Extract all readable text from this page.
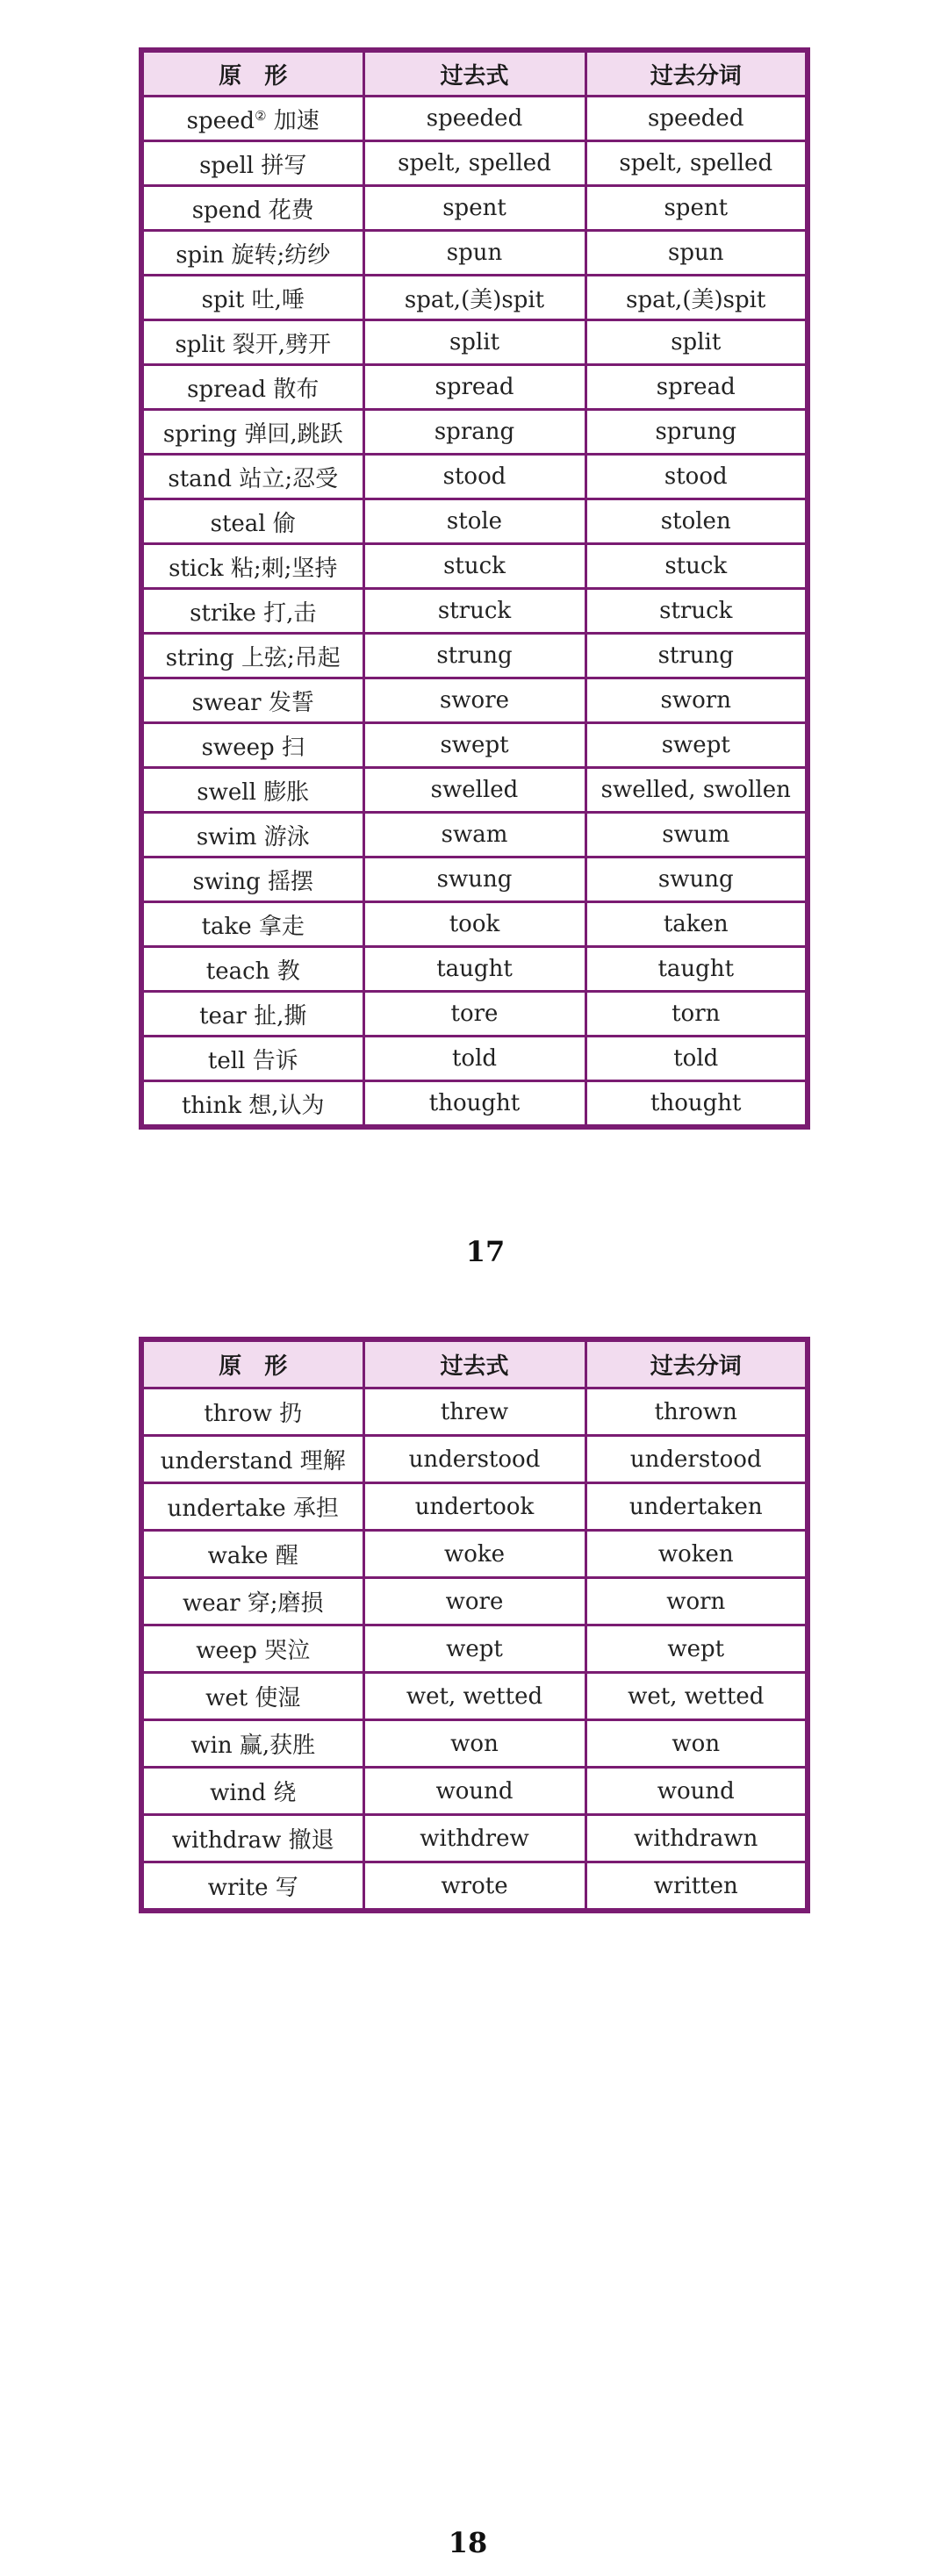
原　形	过去式	过去分词
speed② 加速	speeded	speeded
spell 拼写	spelt, spelled	spelt, spelled
spend 花费	spent	spent
spin 旋转;纺纱	spun	spun
spit 吐,唾	spat,(美)spit	spat,(美)spit
split 裂开,劈开	split	split
spread 散布	spread	spread
spring 弹回,跳跃	sprang	sprung
stand 站立;忍受	stood	stood
steal 偷	stole	stolen
stick 粘;刺;坚持	stuck	stuck
strike 打,击	struck	struck
string 上弦;吊起	strung	strung
swear 发誓	swore	sworn
sweep 扫	swept	swept
swell 膨胀	swelled	swelled, swollen
swim 游泳	swam	swum
swing 摇摆	swung	swung
take 拿走	took	taken
teach 教	taught	taught
tear 扯,撕	tore	torn
tell 告诉	told	told
think 想,认为	thought	thought
17
原　形	过去式	过去分词
throw 扔	threw	thrown
understand 理解	understood	understood
undertake 承担	undertook	undertaken
wake 醒	woke	woken
wear 穿;磨损	wore	worn
weep 哭泣	wept	wept
wet 使湿	wet, wetted	wet, wetted
win 赢,获胜	won	won
wind 绕	wound	wound
withdraw 撤退	withdrew	withdrawn
write 写	wrote	written
18
